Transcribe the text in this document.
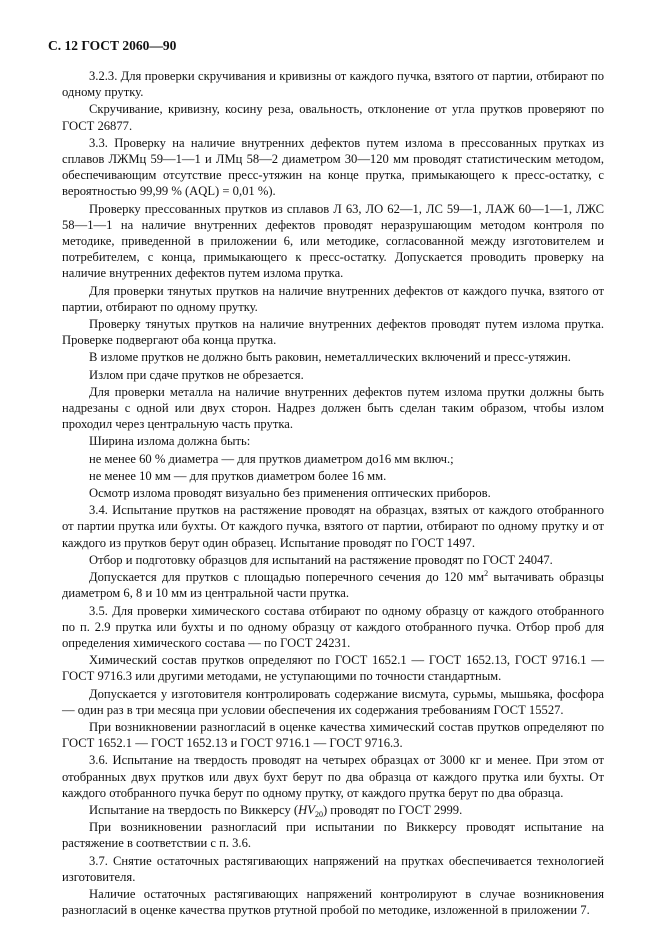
С. 12 ГОСТ 2060—90

3.2.3. Для проверки скручивания и кривизны от каждого пучка, взятого от партии, отбирают по одному прутку.

Скручивание, кривизну, косину реза, овальность, отклонение от угла прутков проверяют по ГОСТ 26877.

3.3. Проверку на наличие внутренних дефектов путем излома в прессованных прутках из сплавов ЛЖМц 59—1—1 и ЛМц 58—2 диаметром 30—120 мм проводят статистическим методом, обеспечивающим отсутствие пресс-утяжин на конце прутка, примыкающего к пресс-остатку, с вероятностью 99,99 % (AQL) = 0,01 %).

Проверку прессованных прутков из сплавов Л 63, ЛО 62—1, ЛС 59—1, ЛАЖ 60—1—1, ЛЖС 58—1—1 на наличие внутренних дефектов проводят неразрушающим методом контроля по методике, приведенной в приложении 6, или методике, согласованной между изготовителем и потребителем, с конца, примыкающего к пресс-остатку. Допускается проводить проверку на наличие внутренних дефектов путем излома прутка.

Для проверки тянутых прутков на наличие внутренних дефектов от каждого пучка, взятого от партии, отбирают по одному прутку.

Проверку тянутых прутков на наличие внутренних дефектов проводят путем излома прутка. Проверке подвергают оба конца прутка.

В изломе прутков не должно быть раковин, неметаллических включений и пресс-утяжин.

Излом при сдаче прутков не обрезается.

Для проверки металла на наличие внутренних дефектов путем излома прутки должны быть надрезаны с одной или двух сторон. Надрез должен быть сделан таким образом, чтобы излом проходил через центральную часть прутка.

Ширина излома должна быть:

не менее 60 % диаметра — для прутков диаметром до16 мм включ.;

не менее 10 мм — для прутков диаметром более 16 мм.

Осмотр излома проводят визуально без применения оптических приборов.

3.4. Испытание прутков на растяжение проводят на образцах, взятых от каждого отобранного от партии прутка или бухты. От каждого пучка, взятого от партии, отбирают по одному прутку и от каждого из прутков берут один образец. Испытание проводят по ГОСТ 1497.

Отбор и подготовку образцов для испытаний на растяжение проводят по ГОСТ 24047.

Допускается для прутков с площадью поперечного сечения до 120 $мм^2$ вытачивать образцы диаметром 6, 8 и 10 мм из центральной части прутка.

3.5. Для проверки химического состава отбирают по одному образцу от каждого отобранного по п. 2.9 прутка или бухты и по одному образцу от каждого отобранного пучка. Отбор проб для определения химического состава — по ГОСТ 24231.

Химический состав прутков определяют по ГОСТ 1652.1 — ГОСТ 1652.13, ГОСТ 9716.1 — ГОСТ 9716.3 или другими методами, не уступающими по точности стандартным.

Допускается у изготовителя контролировать содержание висмута, сурьмы, мышьяка, фосфора — один раз в три месяца при условии обеспечения их содержания требованиям ГОСТ 15527.

При возникновении разногласий в оценке качества химический состав прутков определяют по ГОСТ 1652.1 — ГОСТ 1652.13 и ГОСТ 9716.1 — ГОСТ 9716.3.

3.6. Испытание на твердость проводят на четырех образцах от 3000 кг и менее. При этом от отобранных двух прутков или двух бухт берут по два образца от каждого прутка или бухты. От каждого отобранного пучка берут по одному прутку, от каждого прутка берут по два образца.

Испытание на твердость по Виккерсу $(HV_{20})$ проводят по ГОСТ 2999.

При возникновении разногласий при испытании по Виккерсу проводят испытание на растяжение в соответствии с п. 3.6.

3.7. Снятие остаточных растягивающих напряжений на прутках обеспечивается технологией изготовителя.

Наличие остаточных растягивающих напряжений контролируют в случае возникновения разногласий в оценке качества прутков ртутной пробой по методике, изложенной в приложении 7.
